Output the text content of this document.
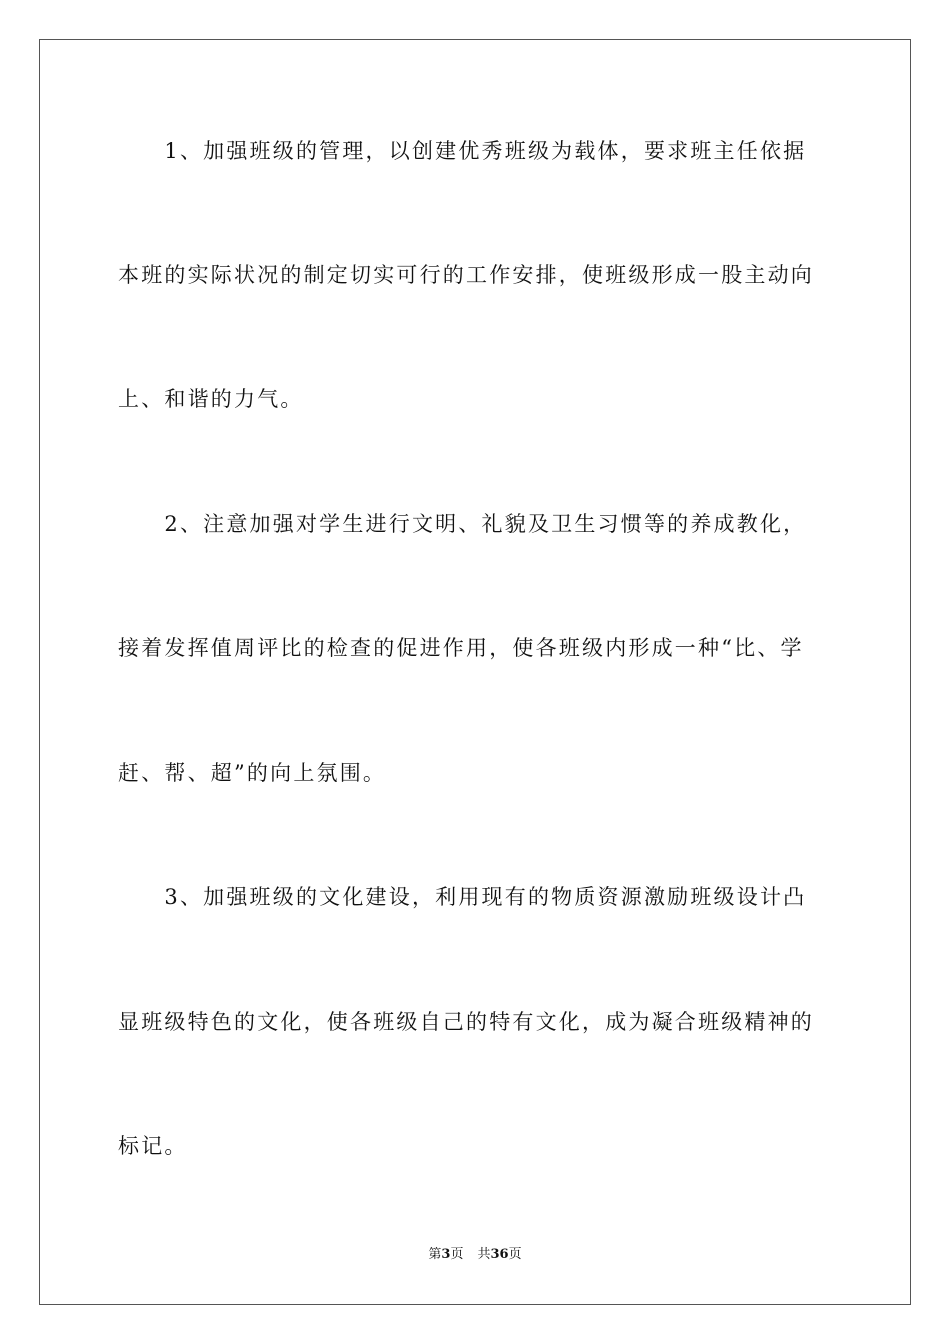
　　1、加强班级的管理，以创建优秀班级为载体，要求班主任依据
本班的实际状况的制定切实可行的工作安排，使班级形成一股主动向
上、和谐的力气。
　　2、注意加强对学生进行文明、礼貌及卫生习惯等的养成教化，
接着发挥值周评比的检查的促进作用，使各班级内形成一种“比、学
赶、帮、超”的向上氛围。
　　3、加强班级的文化建设，利用现有的物质资源激励班级设计凸
显班级特色的文化，使各班级自己的特有文化，成为凝合班级精神的
标记。
第3页 共36页
